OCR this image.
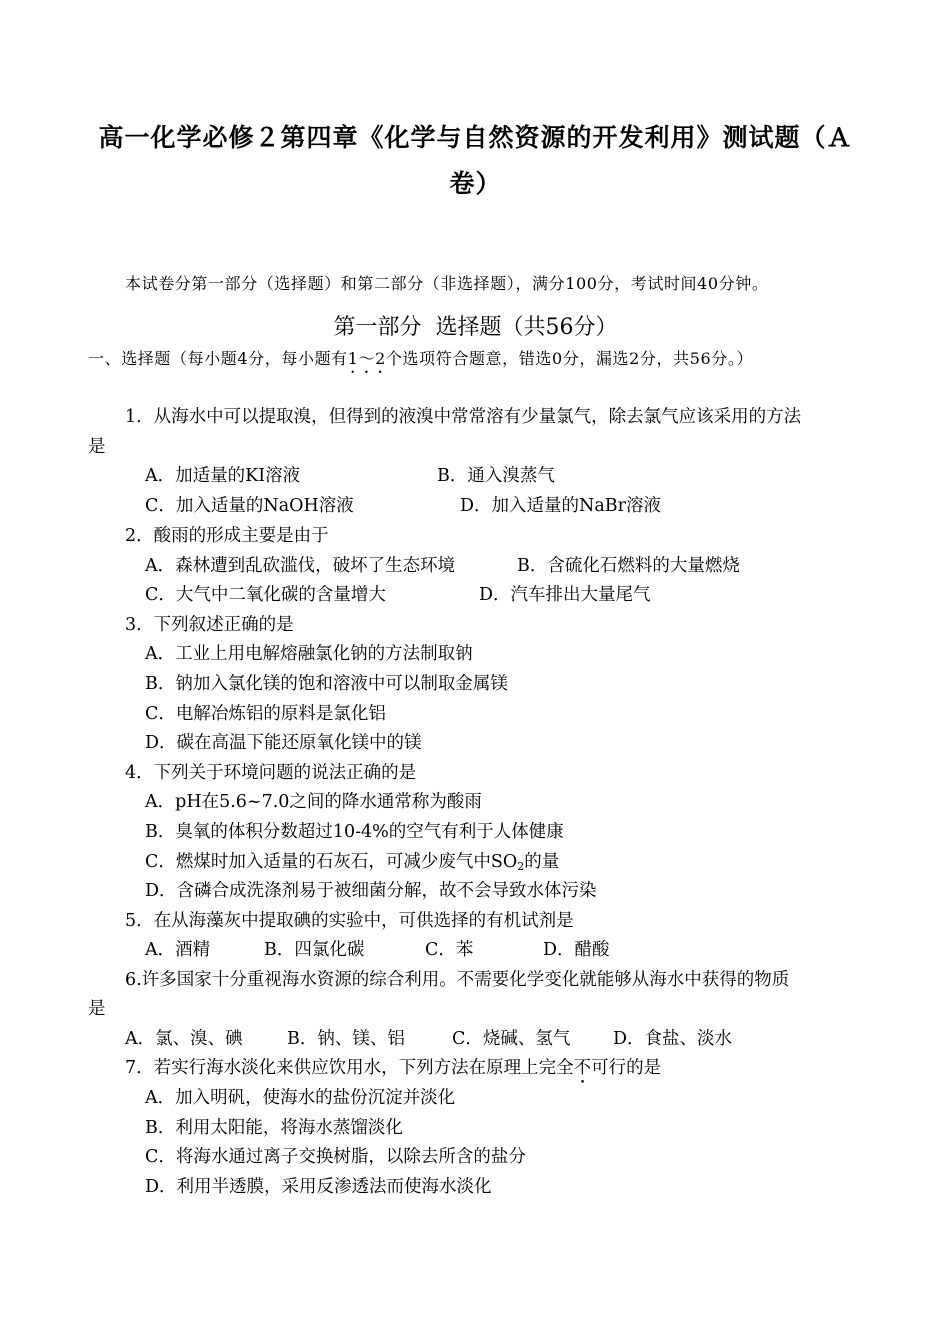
高一化学必修２第四章《化学与自然资源的开发利用》测试题（Ａ卷）
本试卷分第一部分（选择题）和第二部分（非选择题），满分100分，考试时间40分钟。
第一部分  选择题（共56分）
一、选择题（每小题4分，每小题有1～2个选项符合题意，错选0分，漏选2分，共56分。）
1．从海水中可以提取溴，但得到的液溴中常常溶有少量氯气，除去氯气应该采用的方法
是
A．加适量的KI溶液	B．通入溴蒸气
C．加入适量的NaOH溶液	D．加入适量的NaBr溶液
2．酸雨的形成主要是由于
A．森林遭到乱砍滥伐，破坏了生态环境	B．含硫化石燃料的大量燃烧
C．大气中二氧化碳的含量增大	D．汽车排出大量尾气
3．下列叙述正确的是
A．工业上用电解熔融氯化钠的方法制取钠
B．钠加入氯化镁的饱和溶液中可以制取金属镁
C．电解冶炼铝的原料是氯化铝
D．碳在高温下能还原氧化镁中的镁
4．下列关于环境问题的说法正确的是
A．pH在5.6~7.0之间的降水通常称为酸雨
B．臭氧的体积分数超过10-4%的空气有利于人体健康
C．燃煤时加入适量的石灰石，可减少废气中$SO_2$的量
D．含磷合成洗涤剂易于被细菌分解，故不会导致水体污染
5．在从海藻灰中提取碘的实验中，可供选择的有机试剂是
A．酒精	B．四氯化碳	C．苯	D．醋酸
6.许多国家十分重视海水资源的综合利用。不需要化学变化就能够从海水中获得的物质
是
A．氯、溴、碘	B．钠、镁、铝	C．烧碱、氢气 D．食盐、淡水
7．若实行海水淡化来供应饮用水，下列方法在原理上完全不可行的是
A．加入明矾，使海水的盐份沉淀并淡化
B．利用太阳能，将海水蒸馏淡化
C．将海水通过离子交换树脂，以除去所含的盐分
D．利用半透膜，采用反渗透法而使海水淡化
